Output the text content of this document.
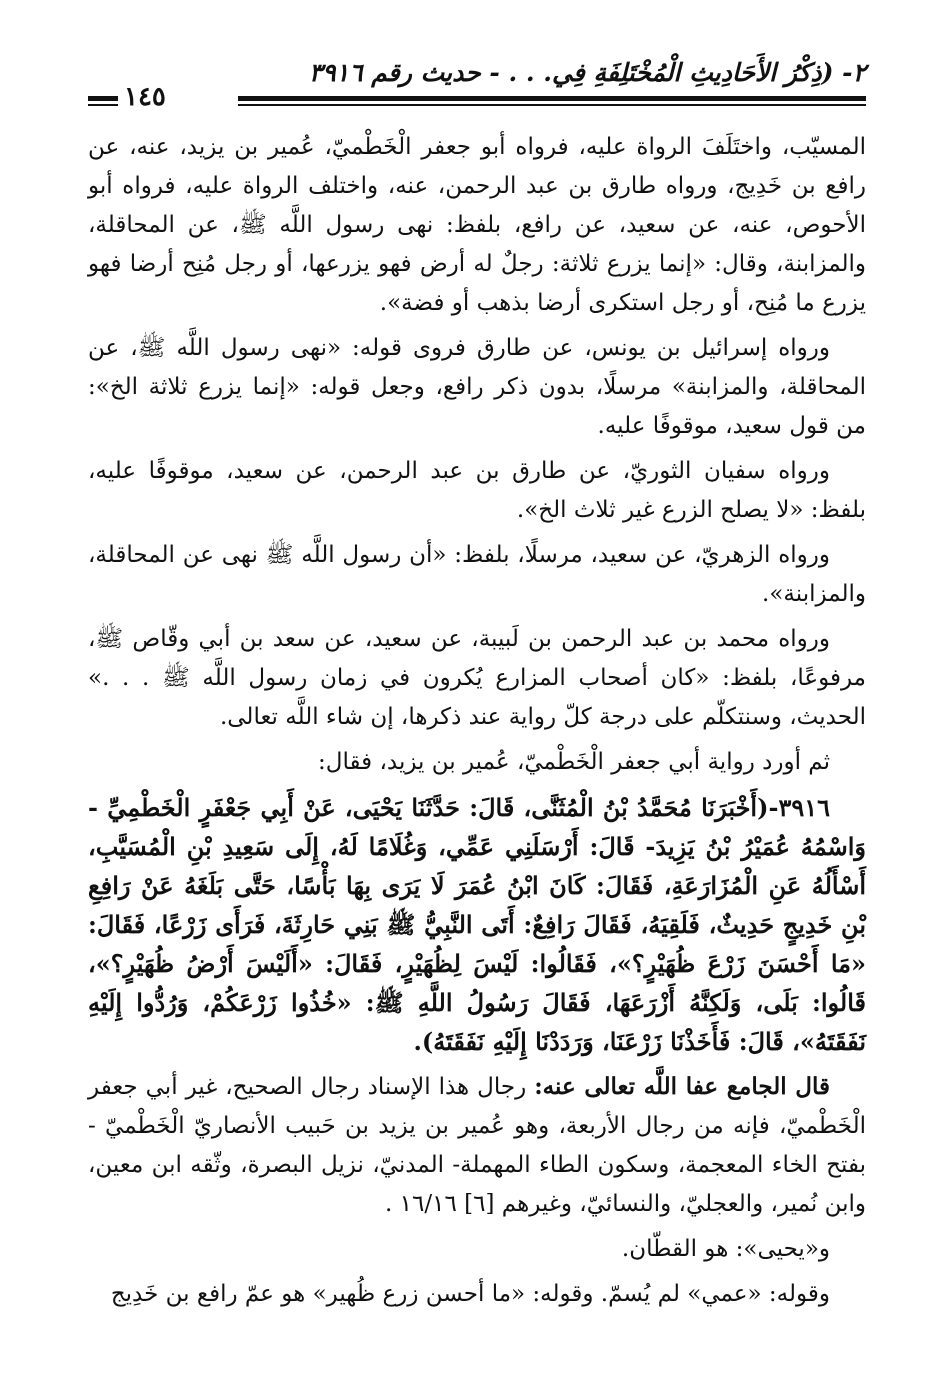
٢- (ذِكْرُ الأَحَادِيثِ الْمُخْتَلِفَةِ فِي. . . - حديث رقم ٣٩١٦
١٤٥

المسيّب، واختَلَفَ الرواة عليه، فرواه أبو جعفر الْخَطْميّ، عُمير بن يزيد، عنه، عن رافع بن خَدِيج، ورواه طارق بن عبد الرحمن، عنه، واختلف الرواة عليه، فرواه أبو الأحوص، عنه، عن سعيد، عن رافع، بلفظ: نهى رسول اللَّه ﷺ، عن المحاقلة، والمزابنة، وقال: «إنما يزرع ثلاثة: رجلٌ له أرض فهو يزرعها، أو رجل مُنِح أرضا فهو يزرع ما مُنِح، أو رجل استكرى أرضا بذهب أو فضة».

ورواه إسرائيل بن يونس، عن طارق فروى قوله: «نهى رسول اللَّه ﷺ، عن المحاقلة، والمزابنة» مرسلًا، بدون ذكر رافع، وجعل قوله: «إنما يزرع ثلاثة الخ»: من قول سعيد، موقوفًا عليه.

ورواه سفيان الثوريّ، عن طارق بن عبد الرحمن، عن سعيد، موقوفًا عليه، بلفظ: «لا يصلح الزرع غير ثلاث الخ».

ورواه الزهريّ، عن سعيد، مرسلًا، بلفظ: «أن رسول اللَّه ﷺ نهى عن المحاقلة، والمزابنة».

ورواه محمد بن عبد الرحمن بن لَبيبة، عن سعيد، عن سعد بن أبي وقّاص ﷺ، مرفوعًا، بلفظ: «كان أصحاب المزارع يُكرون في زمان رسول اللَّه ﷺ . . .» الحديث، وسنتكلّم على درجة كلّ رواية عند ذكرها، إن شاء اللَّه تعالى.

ثم أورد رواية أبي جعفر الْخَطْميّ، عُمير بن يزيد، فقال:

٣٩١٦-(أَخْبَرَنَا مُحَمَّدُ بْنُ الْمُثَنَّى، قَالَ: حَدَّثَنَا يَحْيَى، عَنْ أَبِي جَعْفَرٍ الْخَطْمِيِّ - وَاسْمُهُ عُمَيْرُ بْنُ يَزِيدَ- قَالَ: أَرْسَلَنِي عَمِّي، وَغُلَامًا لَهُ، إِلَى سَعِيدِ بْنِ الْمُسَيَّبِ، أَسْأَلُهُ عَنِ الْمُزَارَعَةِ، فَقَالَ: كَانَ ابْنُ عُمَرَ لَا يَرَى بِهَا بَأْسًا، حَتَّى بَلَغَهُ عَنْ رَافِعِ بْنِ خَدِيجٍ حَدِيثٌ، فَلَقِيَهُ، فَقَالَ رَافِعٌ: أَتَى النَّبِيُّ ﷺ بَنِي حَارِثَةَ، فَرَأَى زَرْعًا، فَقَالَ: «مَا أَحْسَنَ زَرْعَ ظُهَيْرٍ؟»، فَقَالُوا: لَيْسَ لِظُهَيْرٍ، فَقَالَ: «أَلَيْسَ أَرْضُ ظُهَيْرٍ؟»، قَالُوا: بَلَى، وَلَكِنَّهُ أَزْرَعَهَا، فَقَالَ رَسُولُ اللَّهِ ﷺ: «خُذُوا زَرْعَكُمْ، وَرُدُّوا إِلَيْهِ نَفَقَتَهُ»، قَالَ: فَأَخَذْنَا زَرْعَنَا، وَرَدَدْنَا إِلَيْهِ نَفَقَتَهُ).

قال الجامع عفا اللَّه تعالى عنه: رجال هذا الإسناد رجال الصحيح، غير أبي جعفر الْخَطْميّ، فإنه من رجال الأربعة، وهو عُمير بن يزيد بن حَبيب الأنصاريّ الْخَطْميّ - بفتح الخاء المعجمة، وسكون الطاء المهملة- المدنيّ، نزيل البصرة، وثّقه ابن معين، وابن نُمير، والعجليّ، والنسائيّ، وغيرهم [٦] ١٦/١٦ .

و«يحيى»: هو القطّان.

وقوله: «عمي» لم يُسمّ. وقوله: «ما أحسن زرع ظُهير» هو عمّ رافع بن خَدِيج
